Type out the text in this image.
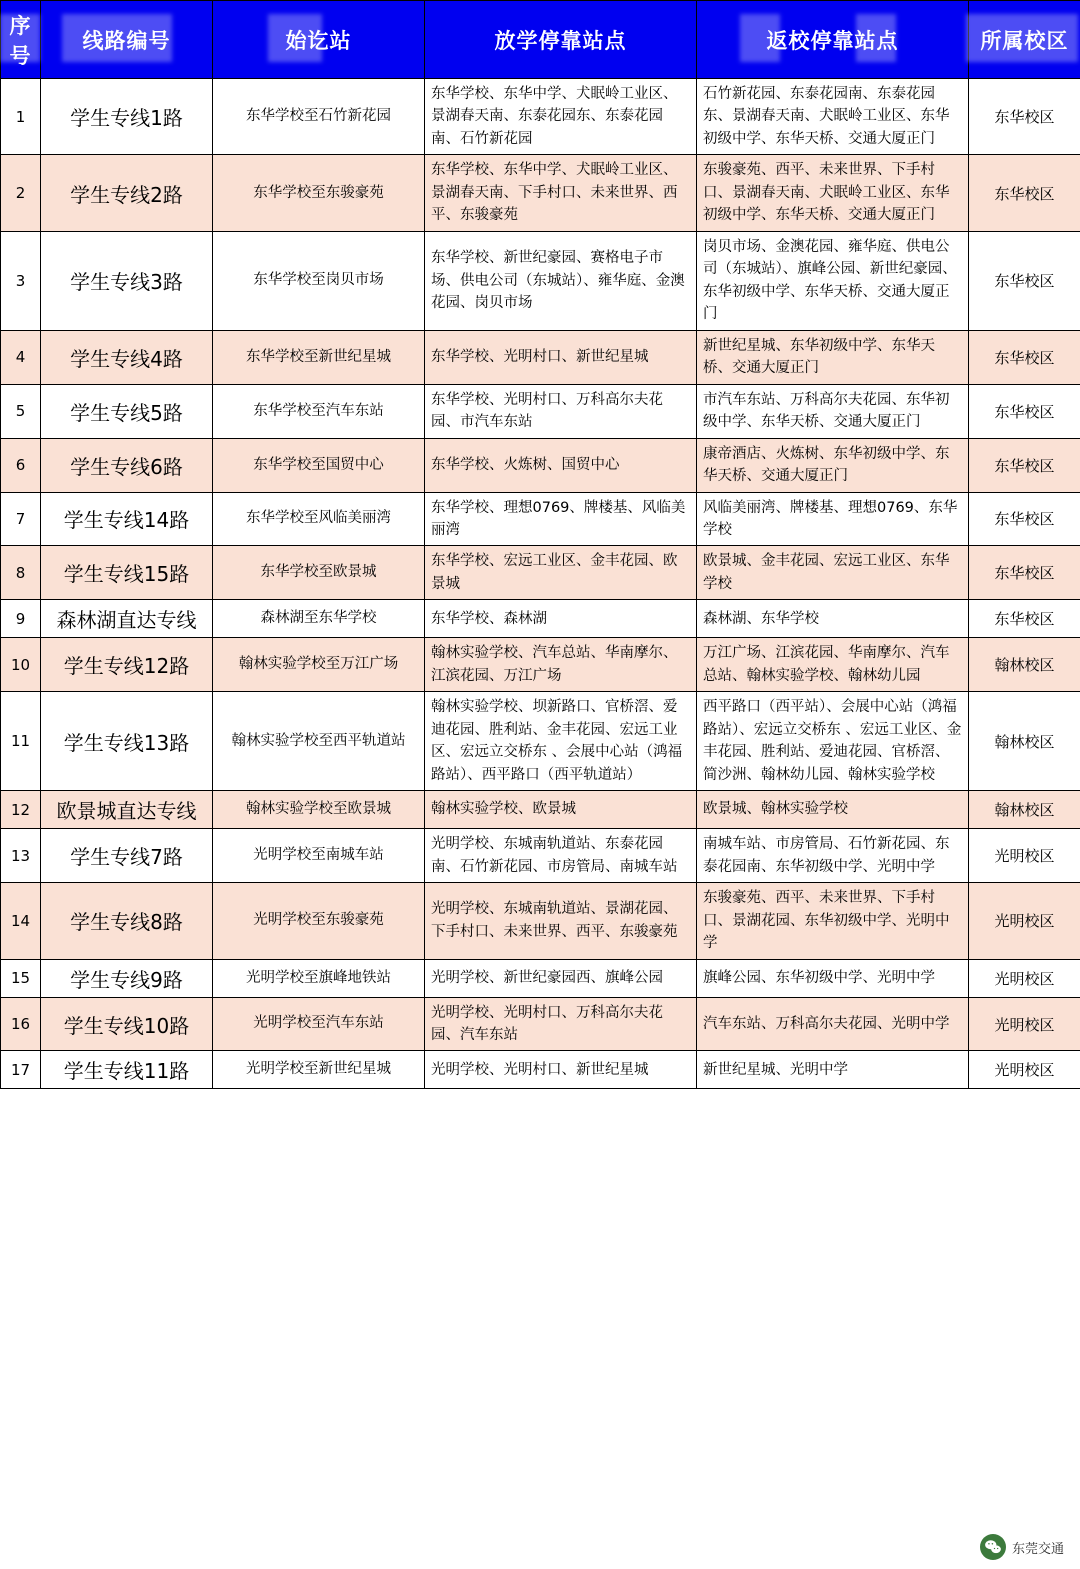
序号	线路编号	始讫站	放学停靠站点	返校停靠站点	所属校区
1	学生专线1路	东华学校至石竹新花园	东华学校、东华中学、犬眠岭工业区、景湖春天南、东泰花园东、东泰花园南、石竹新花园	石竹新花园、东泰花园南、东泰花园东、景湖春天南、犬眠岭工业区、东华初级中学、东华天桥、交通大厦正门	东华校区
2	学生专线2路	东华学校至东骏豪苑	东华学校、东华中学、犬眠岭工业区、景湖春天南、下手村口、未来世界、西平、东骏豪苑	东骏豪苑、西平、未来世界、下手村口、景湖春天南、犬眠岭工业区、东华初级中学、东华天桥、交通大厦正门	东华校区
3	学生专线3路	东华学校至岗贝市场	东华学校、新世纪豪园、赛格电子市场、供电公司（东城站）、雍华庭、金澳花园、岗贝市场	岗贝市场、金澳花园、雍华庭、供电公司（东城站）、旗峰公园、新世纪豪园、东华初级中学、东华天桥、交通大厦正门	东华校区
4	学生专线4路	东华学校至新世纪星城	东华学校、光明村口、新世纪星城	新世纪星城、东华初级中学、东华天桥、交通大厦正门	东华校区
5	学生专线5路	东华学校至汽车东站	东华学校、光明村口、万科高尔夫花园、市汽车东站	市汽车东站、万科高尔夫花园、东华初级中学、东华天桥、交通大厦正门	东华校区
6	学生专线6路	东华学校至国贸中心	东华学校、火炼树、国贸中心	康帝酒店、火炼树、东华初级中学、东华天桥、交通大厦正门	东华校区
7	学生专线14路	东华学校至风临美丽湾	东华学校、理想0769、牌楼基、风临美丽湾	风临美丽湾、牌楼基、理想0769、东华学校	东华校区
8	学生专线15路	东华学校至欧景城	东华学校、宏远工业区、金丰花园、欧景城	欧景城、金丰花园、宏远工业区、东华学校	东华校区
9	森林湖直达专线	森林湖至东华学校	东华学校、森林湖	森林湖、东华学校	东华校区
10	学生专线12路	翰林实验学校至万江广场	翰林实验学校、汽车总站、华南摩尔、江滨花园、万江广场	万江广场、江滨花园、华南摩尔、汽车总站、翰林实验学校、翰林幼儿园	翰林校区
11	学生专线13路	翰林实验学校至西平轨道站	翰林实验学校、坝新路口、官桥滘、爱迪花园、胜利站、金丰花园、宏远工业区、宏远立交桥东 、会展中心站（鸿福路站）、西平路口（西平轨道站）	西平路口（西平站）、会展中心站（鸿福路站）、宏远立交桥东 、宏远工业区、金丰花园、胜利站、爱迪花园、官桥滘、简沙洲、翰林幼儿园、翰林实验学校	翰林校区
12	欧景城直达专线	翰林实验学校至欧景城	翰林实验学校、欧景城	欧景城、翰林实验学校	翰林校区
13	学生专线7路	光明学校至南城车站	光明学校、东城南轨道站、东泰花园南、石竹新花园、市房管局、南城车站	南城车站、市房管局、石竹新花园、东泰花园南、东华初级中学、光明中学	光明校区
14	学生专线8路	光明学校至东骏豪苑	光明学校、东城南轨道站、景湖花园、下手村口、未来世界、西平、东骏豪苑	东骏豪苑、西平、未来世界、下手村口、景湖花园、东华初级中学、光明中学	光明校区
15	学生专线9路	光明学校至旗峰地铁站	光明学校、新世纪豪园西、旗峰公园	旗峰公园、东华初级中学、光明中学	光明校区
16	学生专线10路	光明学校至汽车东站	光明学校、光明村口、万科高尔夫花园、汽车东站	汽车东站、万科高尔夫花园、光明中学	光明校区
17	学生专线11路	光明学校至新世纪星城	光明学校、光明村口、新世纪星城	新世纪星城、光明中学	光明校区
东莞交通
